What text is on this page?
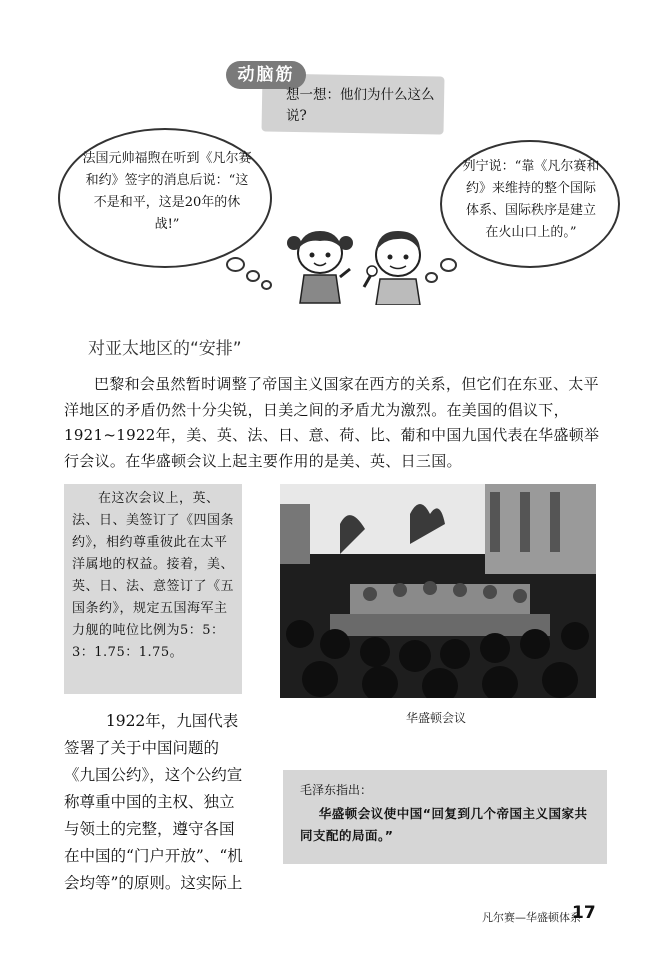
动脑筋
想一想：他们为什么这么说?
法国元帅福煦在听到《凡尔赛和约》签字的消息后说：“这不是和平，这是20年的休战!”
列宁说：“靠《凡尔赛和约》来维持的整个国际体系、国际秩序是建立在火山口上的。”
对亚太地区的“安排”
巴黎和会虽然暂时调整了帝国主义国家在西方的关系，但它们在东亚、太平洋地区的矛盾仍然十分尖锐，日美之间的矛盾尤为激烈。在美国的倡议下，1921~1922年，美、英、法、日、意、荷、比、葡和中国九国代表在华盛顿举行会议。在华盛顿会议上起主要作用的是美、英、日三国。
在这次会议上，英、法、日、美签订了《四国条约》，相约尊重彼此在太平洋属地的权益。接着，美、英、日、法、意签订了《五国条约》，规定五国海军主力舰的吨位比例为5：5：3：1.75：1.75。
华盛顿会议
1922年，九国代表签署了关于中国问题的《九国公约》，这个公约宣称尊重中国的主权、独立与领土的完整，遵守各国在中国的“门户开放”、“机会均等”的原则。这实际上
毛泽东指出：
华盛顿会议使中国“回复到几个帝国主义国家共同支配的局面。”
凡尔赛—华盛顿体系
17
